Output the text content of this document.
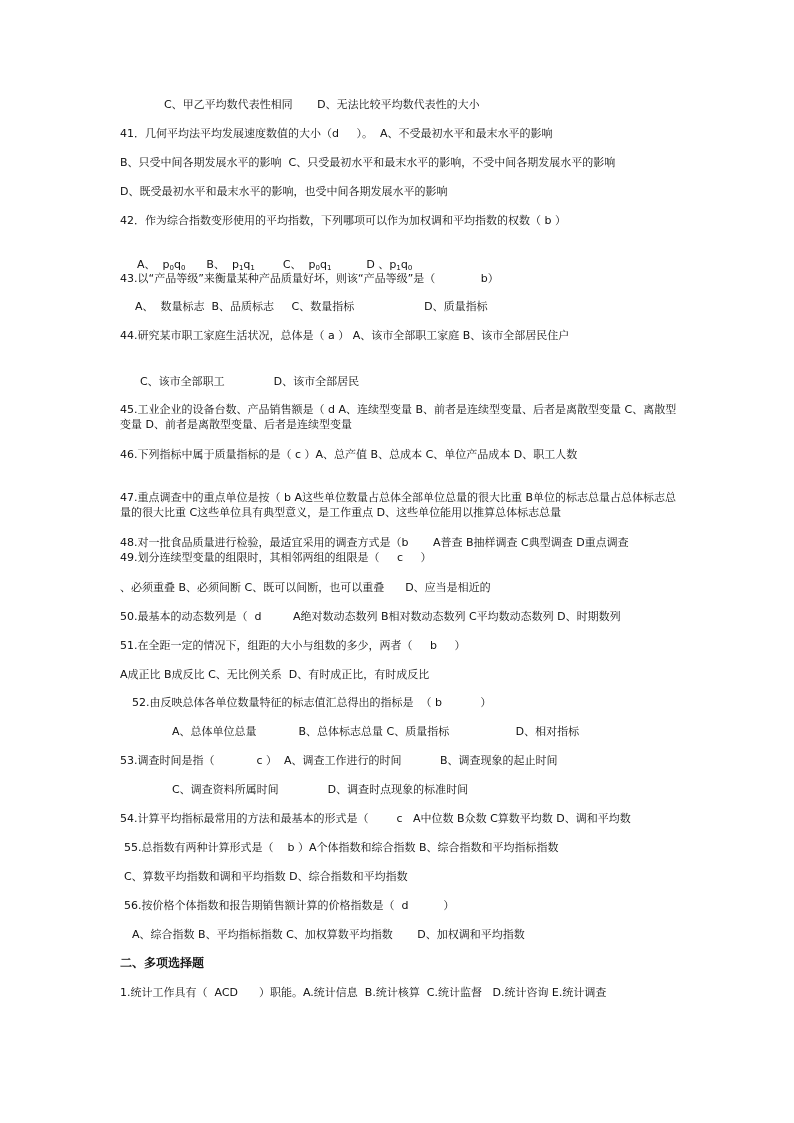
C、甲乙平均数代表性相同       D、无法比较平均数代表性的大小
41．几何平均法平均发展速度数值的大小（d     ）。  A、不受最初水平和最末水平的影响
B、只受中间各期发展水平的影响  C、只受最初水平和最末水平的影响，不受中间各期发展水平的影响
D、既受最初水平和最末水平的影响，也受中间各期发展水平的影响
42．作为综合指数变形使用的平均指数，下列哪项可以作为加权调和平均指数的权数（ b ）

A、 $p_0q_0$ B、 $p_1q_1$	C、 $p_0q_1$	D 、$p_1q_0$

43.以“产品等级”来衡量某种产品质量好坏，则该“产品等级”是（             b）
A、  数量标志  B、品质标志     C、数量指标                    D、质量指标
44.研究某市职工家庭生活状况，总体是（ a ） A、该市全部职工家庭 B、该市全部居民住户
C、该市全部职工              D、该市全部居民
45.工业企业的设备台数、产品销售额是（ d A、连续型变量 B、前者是连续型变量、后者是离散型变量 C、离散型变量 D、前者是离散型变量、后者是连续型变量
46.下列指标中属于质量指标的是（ c ）A、总产值 B、总成本 C、单位产品成本 D、职工人数
47.重点调查中的重点单位是按（ b A这些单位数量占总体全部单位总量的很大比重 B单位的标志总量占总体标志总量的很大比重 C这些单位具有典型意义，是工作重点 D、这些单位能用以推算总体标志总量
48.对一批食品质量进行检验，最适宜采用的调查方式是（b       A普查 B抽样调查 C典型调查 D重点调查
49.划分连续型变量的组限时，其相邻两组的组限是（     c     ）
、必须重叠 B、必须间断 C、既可以间断，也可以重叠      D、应当是相近的
50.最基本的动态数列是（  d         A绝对数动态数列 B相对数动态数列 C平均数动态数列 D、时期数列
51.在全距一定的情况下，组距的大小与组数的多少，两者（     b     ）
A成正比 B成反比 C、无比例关系  D、有时成正比，有时成反比
52.由反映总体各单位数量特征的标志值汇总得出的指标是  （ b           ）
A、总体单位总量            B、总体标志总量 C、质量指标                   D、相对指标
53.调查时间是指（            c ）  A、调查工作进行的时间           B、调查现象的起止时间
C、调查资料所属时间              D、调查时点现象的标准时间
54.计算平均指标最常用的方法和最基本的形式是（        c   A中位数 B众数 C算数平均数 D、调和平均数
55.总指数有两种计算形式是（    b ）A个体指数和综合指数 B、综合指数和平均指标指数
C、算数平均指数和调和平均指数 D、综合指数和平均指数
56.按价格个体指数和报告期销售额计算的价格指数是（  d          ）
A、综合指数 B、平均指标指数 C、加权算数平均指数       D、加权调和平均指数
二、多项选择题
1.统计工作具有（  ACD      ）职能。A.统计信息  B.统计核算  C.统计监督   D.统计咨询 E.统计调查
